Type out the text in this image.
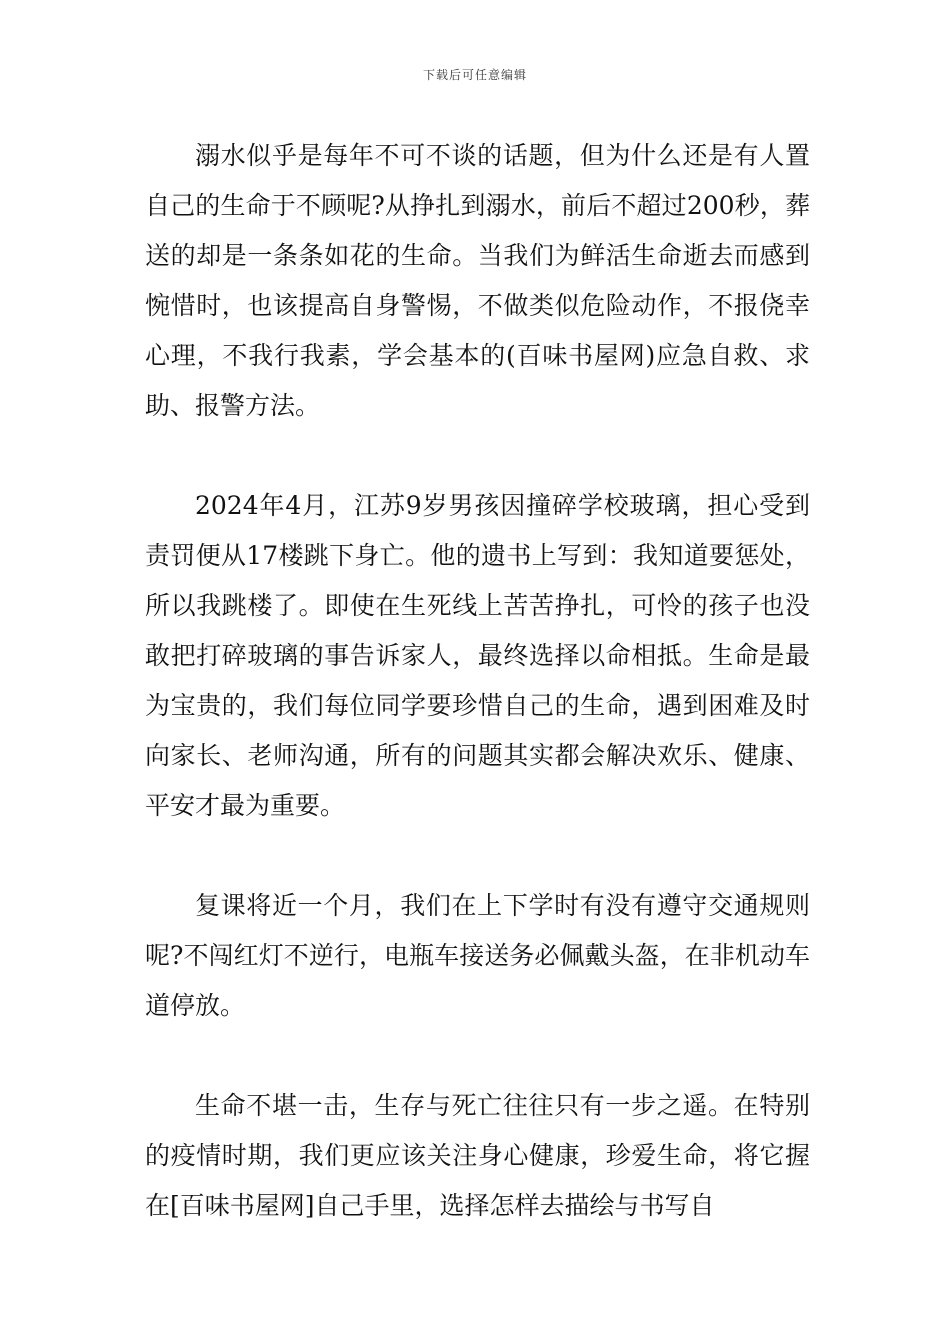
下载后可任意编辑

溺水似乎是每年不可不谈的话题，但为什么还是有人置自己的生命于不顾呢?从挣扎到溺水，前后不超过200秒，葬送的却是一条条如花的生命。当我们为鲜活生命逝去而感到惋惜时，也该提高自身警惕，不做类似危险动作，不报侥幸心理，不我行我素，学会基本的(百味书屋网)应急自救、求助、报警方法。

2024年4月，江苏9岁男孩因撞碎学校玻璃，担心受到责罚便从17楼跳下身亡。他的遗书上写到：我知道要惩处，所以我跳楼了。即使在生死线上苦苦挣扎，可怜的孩子也没敢把打碎玻璃的事告诉家人，最终选择以命相抵。生命是最为宝贵的，我们每位同学要珍惜自己的生命，遇到困难及时向家长、老师沟通，所有的问题其实都会解决欢乐、健康、平安才最为重要。

复课将近一个月，我们在上下学时有没有遵守交通规则呢?不闯红灯不逆行，电瓶车接送务必佩戴头盔，在非机动车道停放。

生命不堪一击，生存与死亡往往只有一步之遥。在特别的疫情时期，我们更应该关注身心健康，珍爱生命，将它握在[百味书屋网]自己手里，选择怎样去描绘与书写自
